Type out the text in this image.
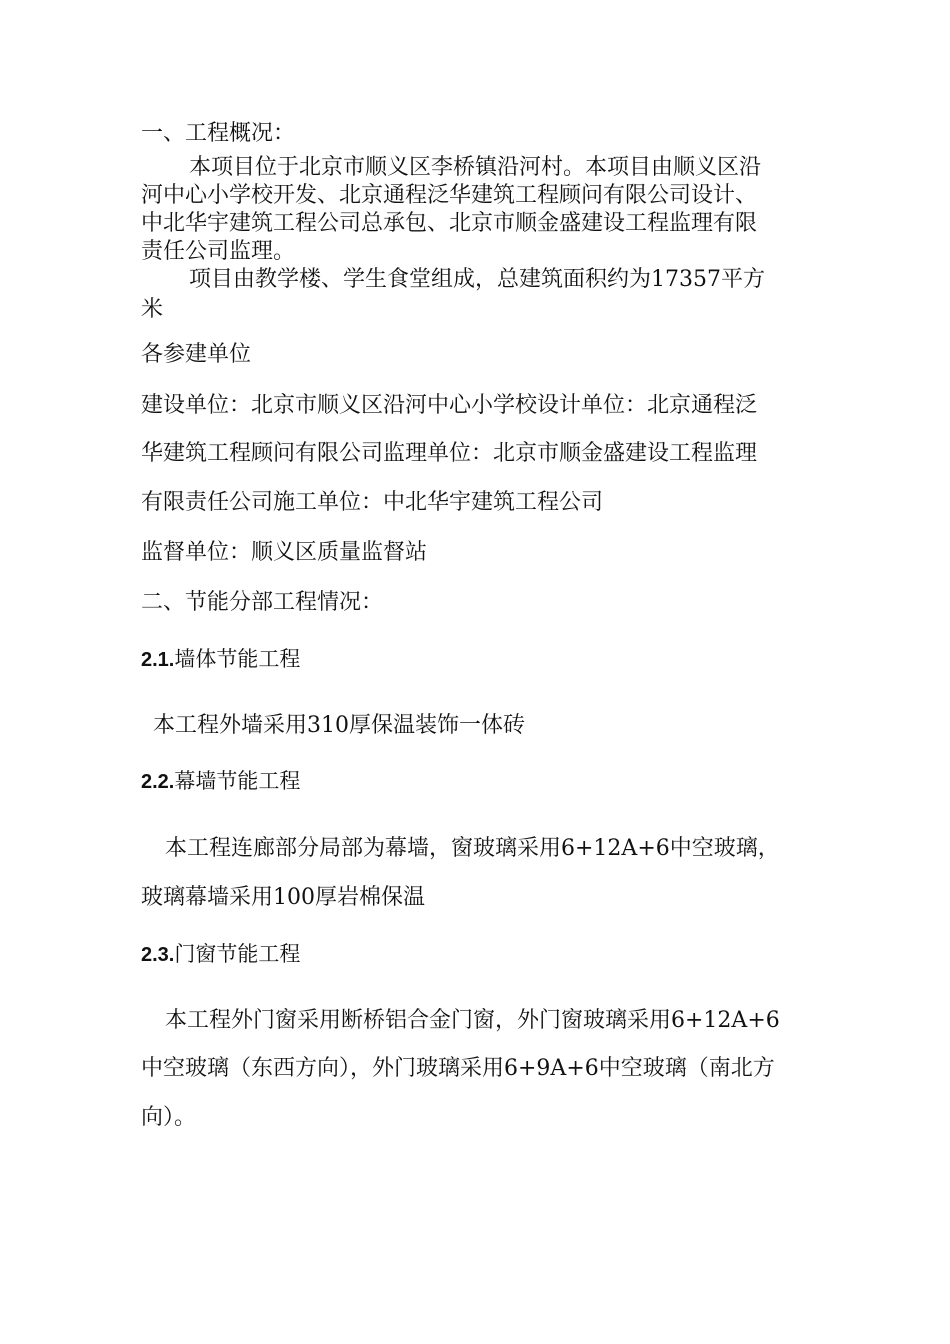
一、工程概况：
本项目位于北京市顺义区李桥镇沿河村。本项目由顺义区沿
河中心小学校开发、北京通程泛华建筑工程顾问有限公司设计、
中北华宇建筑工程公司总承包、北京市顺金盛建设工程监理有限
责任公司监理。
项目由教学楼、学生食堂组成，总建筑面积约为17357平方
米
各参建单位
建设单位：北京市顺义区沿河中心小学校设计单位：北京通程泛
华建筑工程顾问有限公司监理单位：北京市顺金盛建设工程监理
有限责任公司施工单位：中北华宇建筑工程公司
监督单位：顺义区质量监督站
二、节能分部工程情况：
2.1.墙体节能工程
本工程外墙采用310厚保温装饰一体砖
2.2.幕墙节能工程
本工程连廊部分局部为幕墙，窗玻璃采用6+12A+6中空玻璃，
玻璃幕墙采用100厚岩棉保温
2.3.门窗节能工程
本工程外门窗采用断桥铝合金门窗，外门窗玻璃采用6+12A+6
中空玻璃（东西方向），外门玻璃采用6+9A+6中空玻璃（南北方
向）。
